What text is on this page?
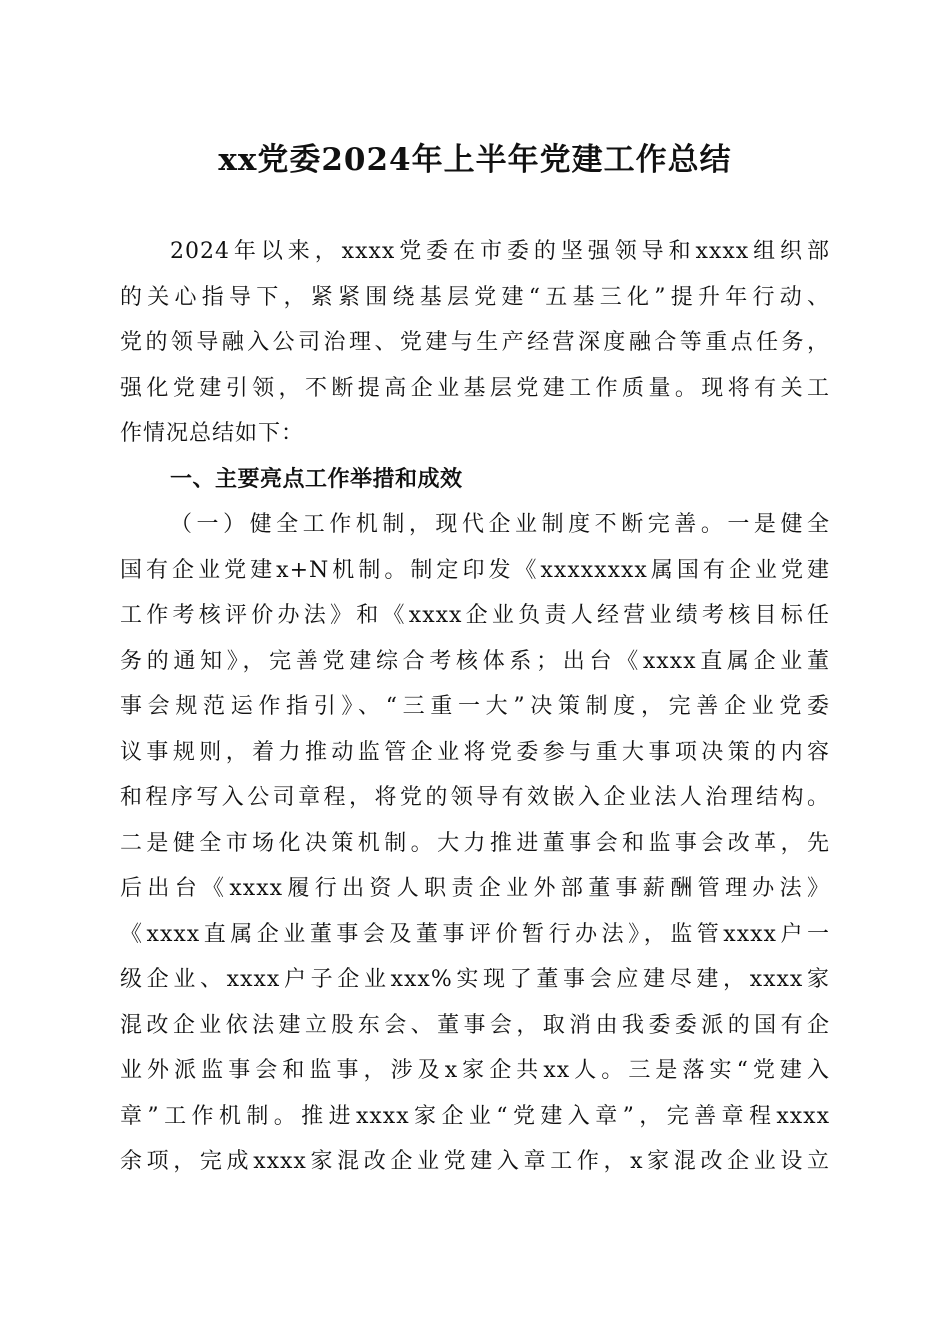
xx党委2024年上半年党建工作总结
2024年以来，xxxx党委在市委的坚强领导和xxxx组织部
的关心指导下，紧紧围绕基层党建“五基三化”提升年行动、
党的领导融入公司治理、党建与生产经营深度融合等重点任务，
强化党建引领，不断提高企业基层党建工作质量。现将有关工
作情况总结如下：
一、主要亮点工作举措和成效
（一）健全工作机制，现代企业制度不断完善。一是健全
国有企业党建x+N机制。制定印发《xxxxxxxx属国有企业党建
工作考核评价办法》和《xxxx企业负责人经营业绩考核目标任
务的通知》，完善党建综合考核体系；出台《xxxx直属企业董
事会规范运作指引》、“三重一大”决策制度，完善企业党委
议事规则，着力推动监管企业将党委参与重大事项决策的内容
和程序写入公司章程，将党的领导有效嵌入企业法人治理结构。
二是健全市场化决策机制。大力推进董事会和监事会改革，先
后出台《xxxx履行出资人职责企业外部董事薪酬管理办法》
《xxxx直属企业董事会及董事评价暂行办法》，监管xxxx户一
级企业、xxxx户子企业xxx%实现了董事会应建尽建，xxxx家
混改企业依法建立股东会、董事会，取消由我委委派的国有企
业外派监事会和监事，涉及x家企共xx人。三是落实“党建入
章”工作机制。推进xxxx家企业“党建入章”，完善章程xxxx
余项，完成xxxx家混改企业党建入章工作，x家混改企业设立
